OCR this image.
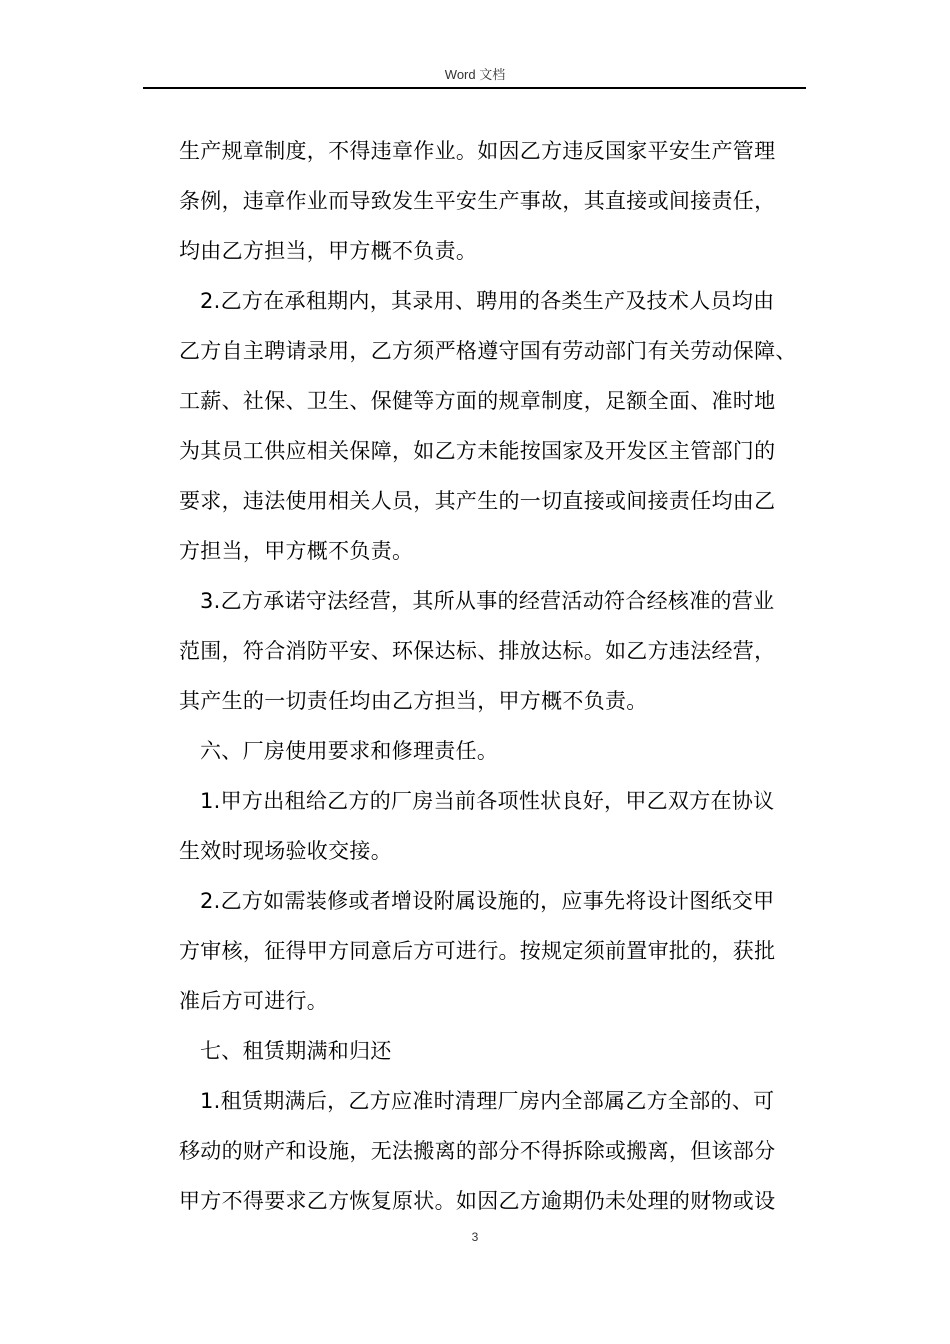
Word 文档

生产规章制度，不得违章作业。如因乙方违反国家平安生产管理

条例，违章作业而导致发生平安生产事故，其直接或间接责任，

均由乙方担当，甲方概不负责。

2.乙方在承租期内，其录用、聘用的各类生产及技术人员均由

乙方自主聘请录用，乙方须严格遵守国有劳动部门有关劳动保障、

工薪、社保、卫生、保健等方面的规章制度，足额全面、准时地

为其员工供应相关保障，如乙方未能按国家及开发区主管部门的

要求，违法使用相关人员，其产生的一切直接或间接责任均由乙

方担当，甲方概不负责。

3.乙方承诺守法经营，其所从事的经营活动符合经核准的营业

范围，符合消防平安、环保达标、排放达标。如乙方违法经营，

其产生的一切责任均由乙方担当，甲方概不负责。

六、厂房使用要求和修理责任。

1.甲方出租给乙方的厂房当前各项性状良好，甲乙双方在协议

生效时现场验收交接。

2.乙方如需装修或者增设附属设施的，应事先将设计图纸交甲

方审核，征得甲方同意后方可进行。按规定须前置审批的，获批

准后方可进行。

七、租赁期满和归还

1.租赁期满后，乙方应准时清理厂房内全部属乙方全部的、可

移动的财产和设施，无法搬离的部分不得拆除或搬离，但该部分

甲方不得要求乙方恢复原状。如因乙方逾期仍未处理的财物或设

3
